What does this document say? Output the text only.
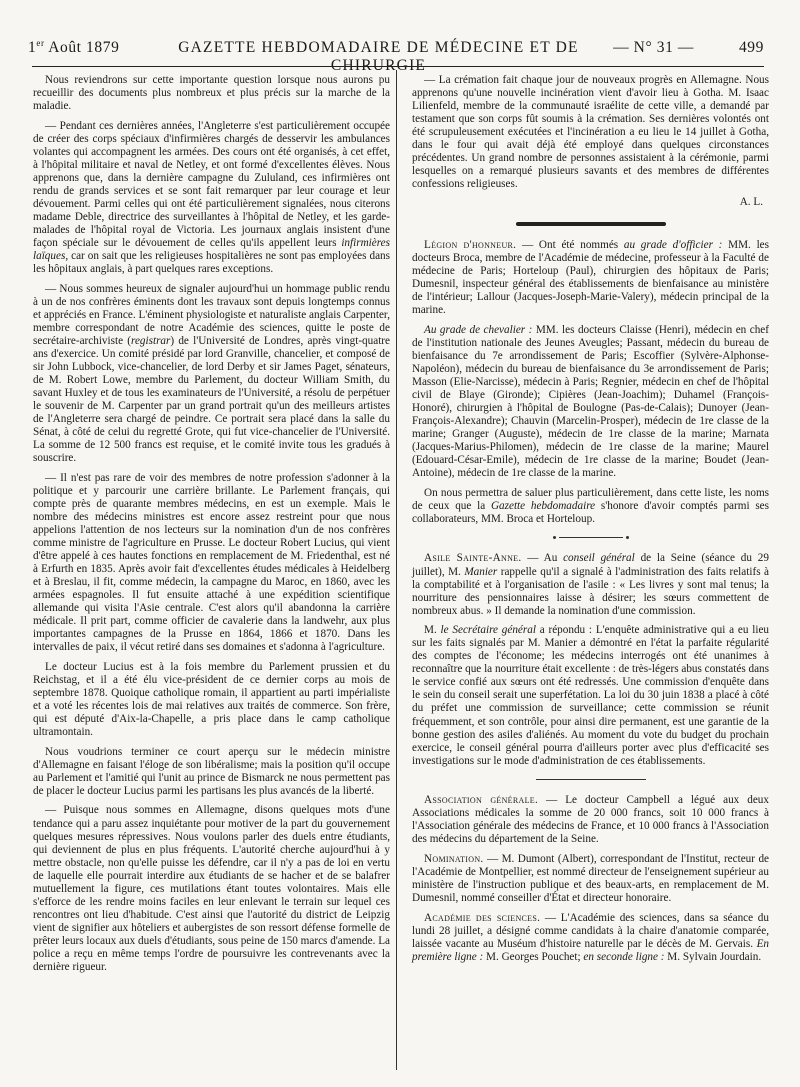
1er Août 1879	GAZETTE HEBDOMADAIRE DE MÉDECINE ET DE CHIRURGIE
— N° 31 —	499

Nous reviendrons sur cette importante question lorsque nous aurons pu recueillir des documents plus nombreux et plus précis sur la marche de la maladie.

— Pendant ces dernières années, l'Angleterre s'est particulièrement occupée de créer des corps spéciaux d'infirmières chargés de desservir les ambulances volantes qui accompagnent les armées. Des cours ont été organisés, à cet effet, à l'hôpital militaire et naval de Netley, et ont formé d'excellentes élèves. Nous apprenons que, dans la dernière campagne du Zululand, ces infirmières ont rendu de grands services et se sont fait remarquer par leur courage et leur dévouement. Parmi celles qui ont été particulièrement signalées, nous citerons madame Deble, directrice des surveillantes à l'hôpital de Netley, et les garde-malades de l'hôpital royal de Victoria. Les journaux anglais insistent d'une façon spéciale sur le dévouement de celles qu'ils appellent leurs infirmières laïques, car on sait que les religieuses hospitalières ne sont pas employées dans les hôpitaux anglais, à part quelques rares exceptions.

— Nous sommes heureux de signaler aujourd'hui un hommage public rendu à un de nos confrères éminents dont les travaux sont depuis longtemps connus et appréciés en France. L'éminent physiologiste et naturaliste anglais Carpenter, membre correspondant de notre Académie des sciences, quitte le poste de secrétaire-archiviste (registrar) de l'Université de Londres, après vingt-quatre ans d'exercice. Un comité présidé par lord Granville, chancelier, et composé de sir John Lubbock, vice-chancelier, de lord Derby et sir James Paget, sénateurs, de M. Robert Lowe, membre du Parlement, du docteur William Smith, du savant Huxley et de tous les examinateurs de l'Université, a résolu de perpétuer le souvenir de M. Carpenter par un grand portrait qu'un des meilleurs artistes de l'Angleterre sera chargé de peindre. Ce portrait sera placé dans la salle du Sénat, à côté de celui du regretté Grote, qui fut vice-chancelier de l'Université. La somme de 12 500 francs est requise, et le comité invite tous les gradués à souscrire.

— Il n'est pas rare de voir des membres de notre profession s'adonner à la politique et y parcourir une carrière brillante. Le Parlement français, qui compte près de quarante membres médecins, en est un exemple. Mais le nombre des médecins ministres est encore assez restreint pour que nous appelions l'attention de nos lecteurs sur la nomination d'un de nos confrères comme ministre de l'agriculture en Prusse. Le docteur Robert Lucius, qui vient d'être appelé à ces hautes fonctions en remplacement de M. Friedenthal, est né à Erfurth en 1835. Après avoir fait d'excellentes études médicales à Heidelberg et à Breslau, il fit, comme médecin, la campagne du Maroc, en 1860, avec les armées espagnoles. Il fut ensuite attaché à une expédition scientifique allemande qui visita l'Asie centrale. C'est alors qu'il abandonna la carrière médicale. Il prit part, comme officier de cavalerie dans la landwehr, aux plus importantes campagnes de la Prusse en 1864, 1866 et 1870. Dans les intervalles de paix, il vécut retiré dans ses domaines et s'adonna à l'agriculture.

Le docteur Lucius est à la fois membre du Parlement prussien et du Reichstag, et il a été élu vice-président de ce dernier corps au mois de septembre 1878. Quoique catholique romain, il appartient au parti impérialiste et a voté les récentes lois de mai relatives aux traités de commerce. Son frère, qui est député d'Aix-la-Chapelle, a pris place dans le camp catholique ultramontain.

Nous voudrions terminer ce court aperçu sur le médecin ministre d'Allemagne en faisant l'éloge de son libéralisme; mais la position qu'il occupe au Parlement et l'amitié qui l'unit au prince de Bismarck ne nous permettent pas de placer le docteur Lucius parmi les partisans les plus avancés de la liberté.

— Puisque nous sommes en Allemagne, disons quelques mots d'une tendance qui a paru assez inquiétante pour motiver de la part du gouvernement quelques mesures répressives. Nous voulons parler des duels entre étudiants, qui deviennent de plus en plus fréquents. L'autorité cherche aujourd'hui à y mettre obstacle, non qu'elle puisse les défendre, car il n'y a pas de loi en vertu de laquelle elle pourrait interdire aux étudiants de se hacher et de se balafrer mutuellement la figure, ces mutilations étant toutes volontaires. Mais elle s'efforce de les rendre moins faciles en leur enlevant le terrain sur lequel ces rencontres ont lieu d'habitude. C'est ainsi que l'autorité du district de Leipzig vient de signifier aux hôteliers et aubergistes de son ressort défense formelle de prêter leurs locaux aux duels d'étudiants, sous peine de 150 marcs d'amende. La police a reçu en même temps l'ordre de poursuivre les contrevenants avec la dernière rigueur.

— La crémation fait chaque jour de nouveaux progrès en Allemagne. Nous apprenons qu'une nouvelle incinération vient d'avoir lieu à Gotha. M. Isaac Lilienfeld, membre de la communauté israélite de cette ville, a demandé par testament que son corps fût soumis à la crémation. Ses dernières volontés ont été scrupuleusement exécutées et l'incinération a eu lieu le 14 juillet à Gotha, dans le four qui avait déjà été employé dans quelques circonstances précédentes. Un grand nombre de personnes assistaient à la cérémonie, parmi lesquelles on a remarqué plusieurs savants et des membres de différentes confessions religieuses.

A. L.

Légion d'honneur. — Ont été nommés au grade d'officier : MM. les docteurs Broca, membre de l'Académie de médecine, professeur à la Faculté de médecine de Paris; Horteloup (Paul), chirurgien des hôpitaux de Paris; Dumesnil, inspecteur général des établissements de bienfaisance au ministère de l'intérieur; Lallour (Jacques-Joseph-Marie-Valery), médecin principal de la marine.

Au grade de chevalier : MM. les docteurs Claisse (Henri), médecin en chef de l'institution nationale des Jeunes Aveugles; Passant, médecin du bureau de bienfaisance du 7e arrondissement de Paris; Escoffier (Sylvère-Alphonse-Napoléon), médecin du bureau de bienfaisance du 3e arrondissement de Paris; Masson (Elie-Narcisse), médecin à Paris; Regnier, médecin en chef de l'hôpital civil de Blaye (Gironde); Cipières (Jean-Joachim); Duhamel (François-Honoré), chirurgien à l'hôpital de Boulogne (Pas-de-Calais); Dunoyer (Jean-François-Alexandre); Chauvin (Marcelin-Prosper), médecin de 1re classe de la marine; Granger (Auguste), médecin de 1re classe de la marine; Marnata (Jacques-Marius-Philomen), médecin de 1re classe de la marine; Maurel (Edouard-César-Emile), médecin de 1re classe de la marine; Boudet (Jean-Antoine), médecin de 1re classe de la marine.

On nous permettra de saluer plus particulièrement, dans cette liste, les noms de ceux que la Gazette hebdomadaire s'honore d'avoir comptés parmi ses collaborateurs, MM. Broca et Horteloup.

Asile Sainte-Anne. — Au conseil général de la Seine (séance du 29 juillet), M. Manier rappelle qu'il a signalé à l'administration des faits relatifs à la comptabilité et à l'organisation de l'asile : « Les livres y sont mal tenus; la nourriture des pensionnaires laisse à désirer; les sœurs commettent de nombreux abus. » Il demande la nomination d'une commission.

M. le Secrétaire général a répondu : L'enquête administrative qui a eu lieu sur les faits signalés par M. Manier a démontré en l'état la parfaite régularité des comptes de l'économe; les médecins interrogés ont été unanimes à reconnaître que la nourriture était excellente : de très-légers abus constatés dans le service confié aux sœurs ont été redressés. Une commission d'enquête dans le sein du conseil serait une superfétation. La loi du 30 juin 1838 a placé à côté du préfet une commission de surveillance; cette commission se réunit fréquemment, et son contrôle, pour ainsi dire permanent, est une garantie de la bonne gestion des asiles d'aliénés. Au moment du vote du budget du prochain exercice, le conseil général pourra d'ailleurs porter avec plus d'efficacité ses investigations sur le mode d'administration de ces établissements.

Association générale. — Le docteur Campbell a légué aux deux Associations médicales la somme de 20 000 francs, soit 10 000 francs à l'Association générale des médecins de France, et 10 000 francs à l'Association des médecins du département de la Seine.

Nomination. — M. Dumont (Albert), correspondant de l'Institut, recteur de l'Académie de Montpellier, est nommé directeur de l'enseignement supérieur au ministère de l'instruction publique et des beaux-arts, en remplacement de M. Dumesnil, nommé conseiller d'État et directeur honoraire.

Académie des sciences. — L'Académie des sciences, dans sa séance du lundi 28 juillet, a désigné comme candidats à la chaire d'anatomie comparée, laissée vacante au Muséum d'histoire naturelle par le décès de M. Gervais. En première ligne : M. Georges Pouchet; en seconde ligne : M. Sylvain Jourdain.
